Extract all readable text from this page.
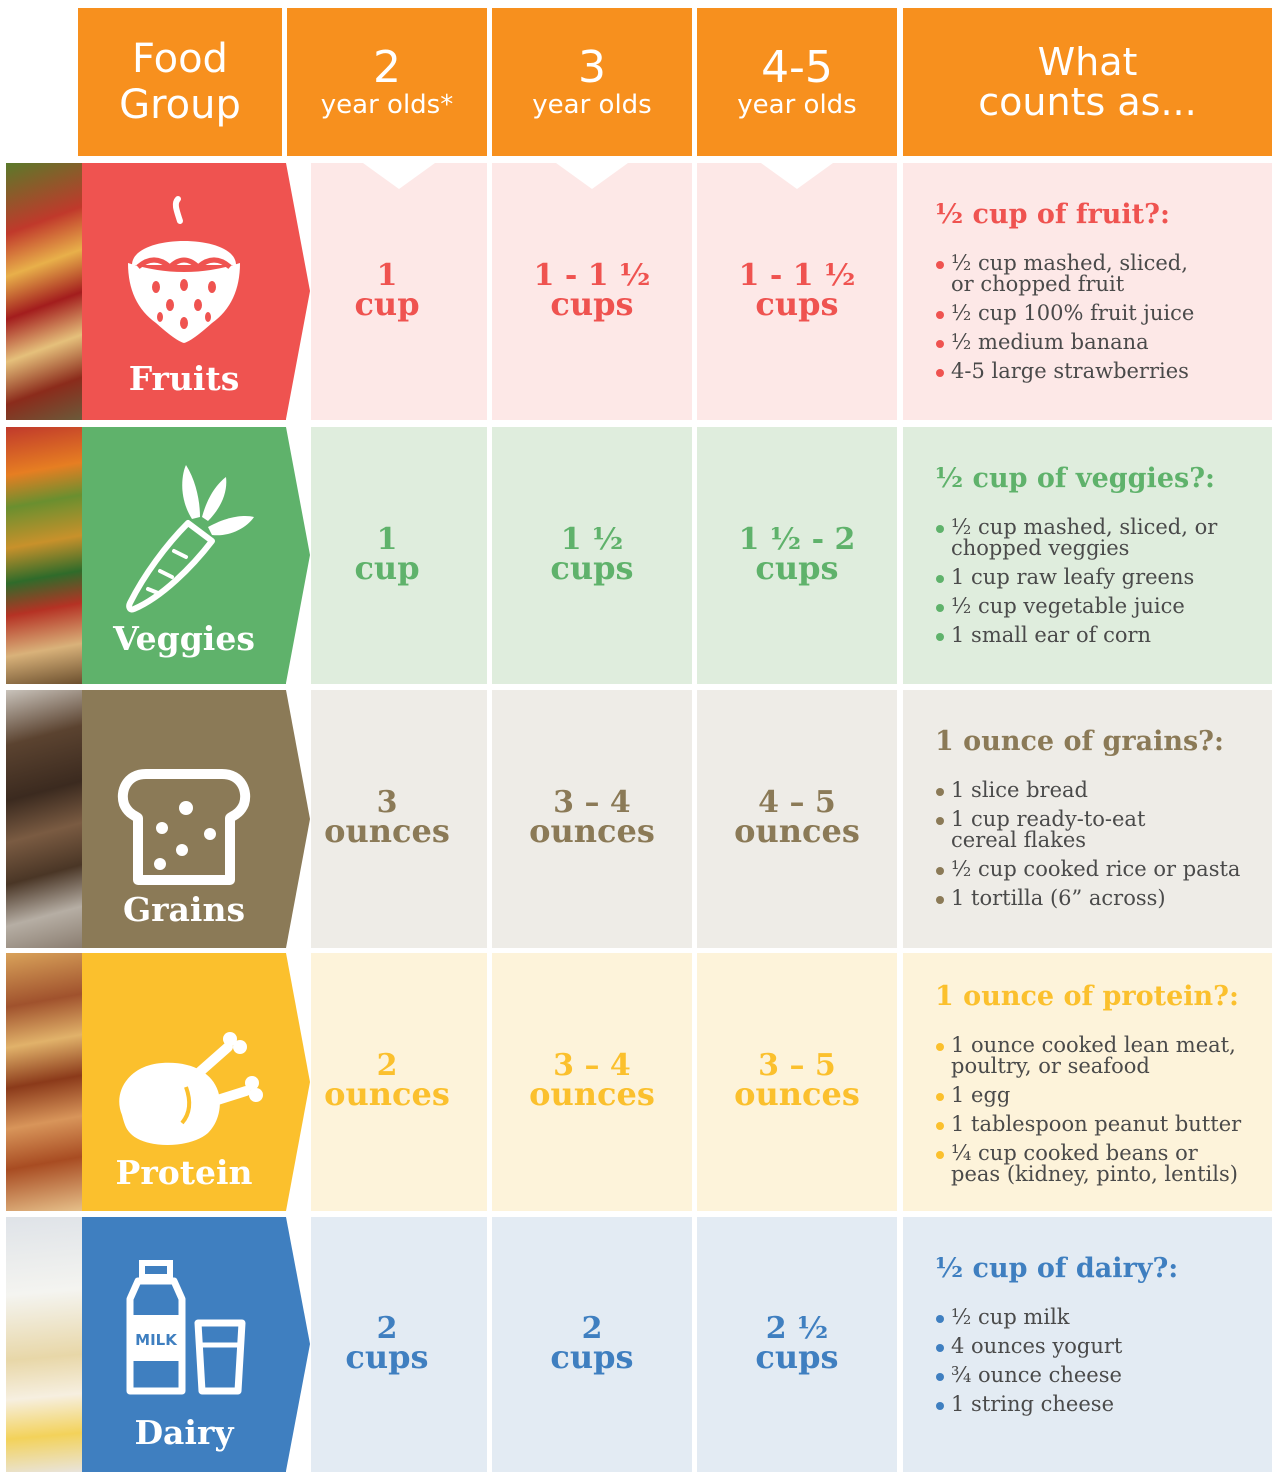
Food
Group
2
year olds*
3
year olds
4-5
year olds
What
counts as...
Fruits
1
cup
1 - 1 ½
cups
1 - 1 ½
cups
½ cup of fruit?:
½ cup mashed, sliced,
or chopped fruit
½ cup 100% fruit juice
½ medium banana
4-5 large strawberries
Veggies
1
cup
1 ½
cups
1 ½ - 2
cups
½ cup of veggies?:
½ cup mashed, sliced, or
chopped veggies
1 cup raw leafy greens
½ cup vegetable juice
1 small ear of corn
Grains
3
ounces
3 – 4
ounces
4 – 5
ounces
1 ounce of grains?:
1 slice bread
1 cup ready-to-eat
cereal flakes
½ cup cooked rice or pasta
1 tortilla (6” across)
Protein
2
ounces
3 – 4
ounces
3 – 5
ounces
1 ounce of protein?:
1 ounce cooked lean meat,
poultry, or seafood
1 egg
1 tablespoon peanut butter
¼ cup cooked beans or
peas (kidney, pinto, lentils)
MILK
Dairy
2
cups
2
cups
2 ½
cups
½ cup of dairy?:
½ cup milk
4 ounces yogurt
¾ ounce cheese
1 string cheese
